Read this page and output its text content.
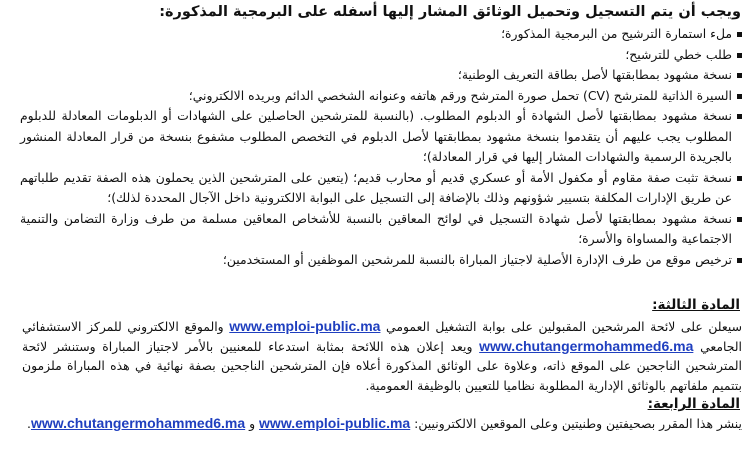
ويجب أن يتم التسجيل وتحميل الوثائق المشار إليها أسفله على البرمجية المذكورة:
ملء استمارة الترشيح من البرمجية المذكورة؛
طلب خطي للترشيح؛
نسخة مشهود بمطابقتها لأصل بطاقة التعريف الوطنية؛
السيرة الذاتية للمترشح (CV) تحمل صورة المترشح ورقم هاتفه وعنوانه الشخصي الدائم وبريده الالكتروني؛
نسخة مشهود بمطابقتها لأصل الشهادة أو الدبلوم المطلوب. (بالنسبة للمترشحين الحاصلين على الشهادات أو الدبلومات المعادلة للدبلوم المطلوب يجب عليهم أن يتقدموا بنسخة مشهود بمطابقتها لأصل الدبلوم في التخصص المطلوب مشفوع بنسخة من قرار المعادلة المنشور بالجريدة الرسمية والشهادات المشار إليها في قرار المعادلة)؛
نسخة تثبت صفة مقاوم أو مكفول الأمة أو عسكري قديم أو محارب قديم؛ (يتعين على المترشحين الذين يحملون هذه الصفة تقديم طلباتهم عن طريق الإدارات المكلفة بتسيير شؤونهم وذلك بالإضافة إلى التسجيل على البوابة الالكترونية داخل الآجال المحددة لذلك)؛
نسخة مشهود بمطابقتها لأصل شهادة التسجيل في لوائح المعاقين بالنسبة للأشخاص المعاقين مسلمة من طرف وزارة التضامن والتنمية الاجتماعية والمساواة والأسرة؛
ترخيص موقع من طرف الإدارة الأصلية لاجتياز المباراة بالنسبة للمرشحين الموظفين أو المستخدمين؛
المادة الثالثة:
سيعلن على لائحة المرشحين المقبولين على بوابة التشغيل العمومي www.emploi-public.ma والموقع الالكتروني للمركز الاستشفائي الجامعي www.chutangermohammed6.ma ويعد إعلان هذه اللائحة بمثابة استدعاء للمعنيين بالأمر لاجتياز المباراة وستنشر لائحة المترشحين الناجحين على الموقع ذاته، وعلاوة على الوثائق المذكورة أعلاه فإن المترشحين الناجحين بصفة نهائية في هذه المباراة ملزمون بتتميم ملفاتهم بالوثائق الإدارية المطلوبة نظاميا للتعيين بالوظيفة العمومية.
المادة الرابعة:
ينشر هذا المقرر بصحيفتين وطنيتين وعلى الموقعين الالكترونيين: www.emploi-public.ma و www.chutangermohammed6.ma.
